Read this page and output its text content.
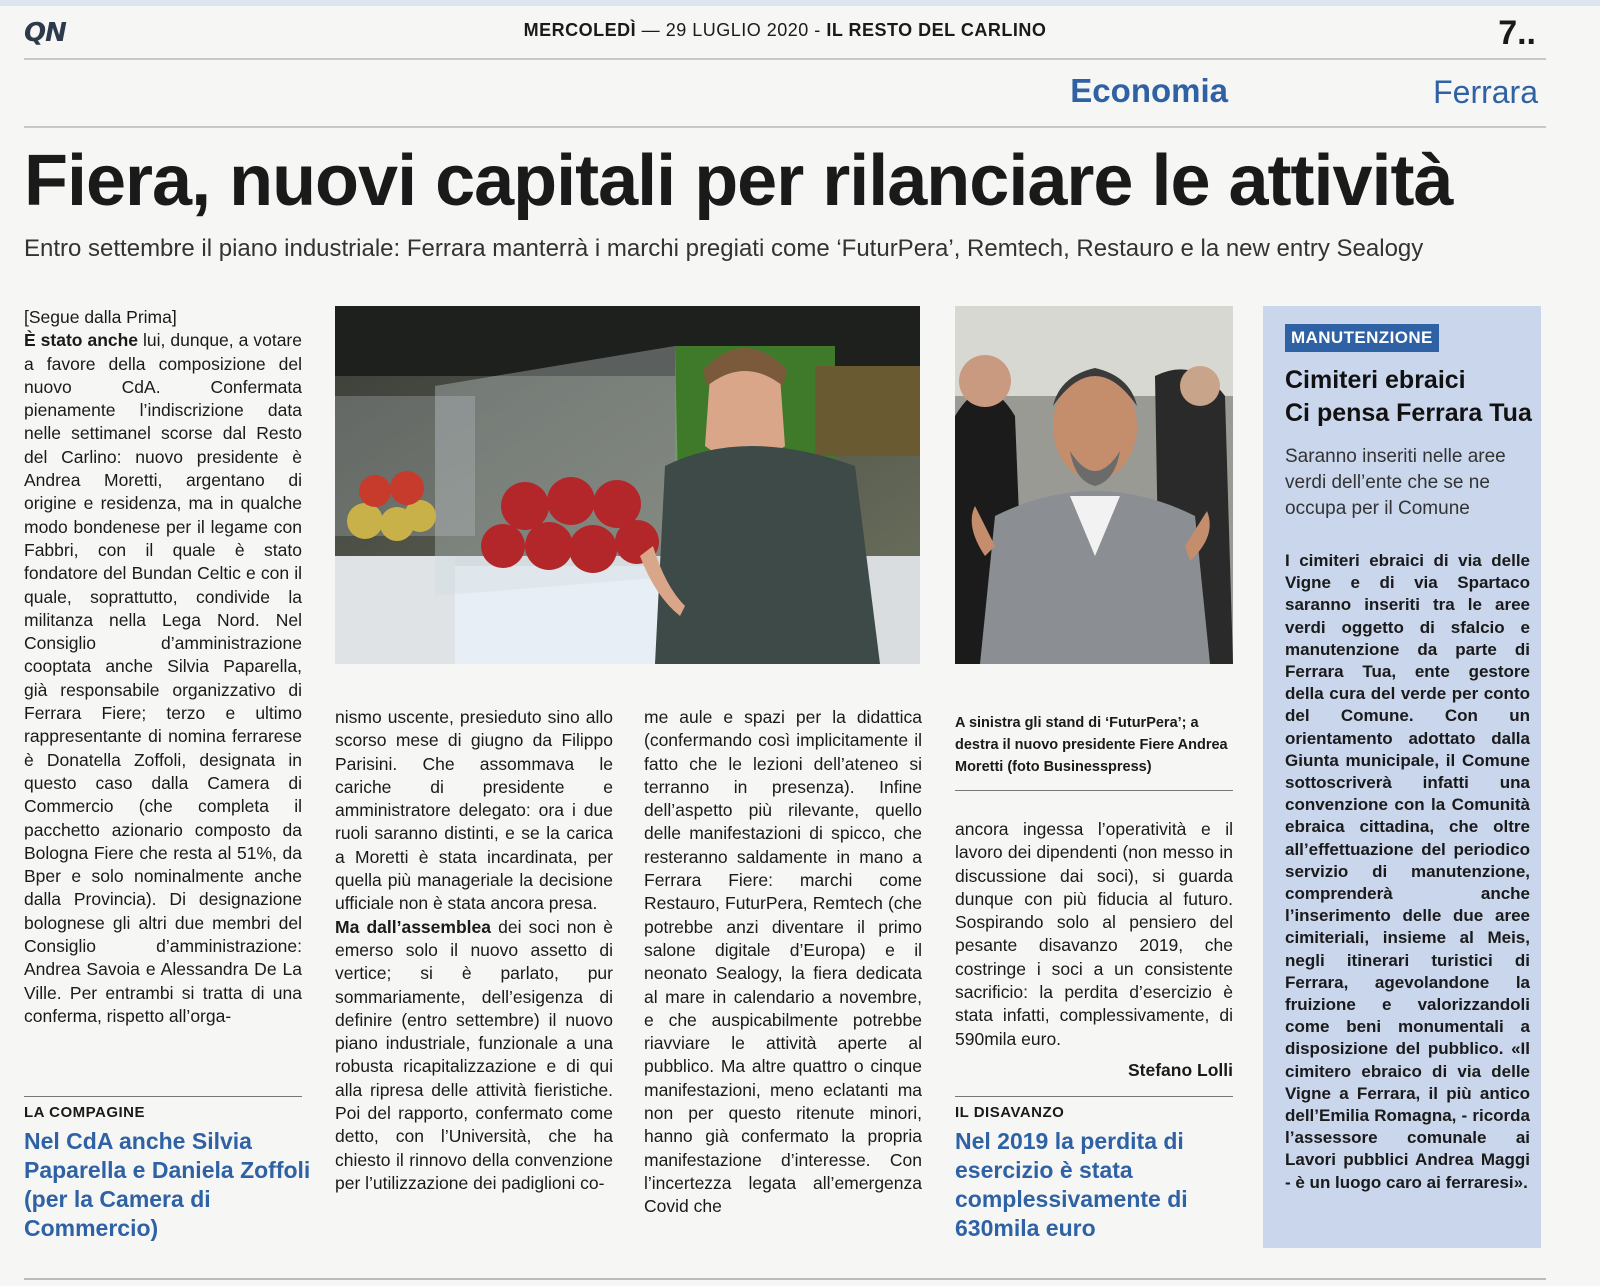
QN	MERCOLEDÌ — 29 LUGLIO 2020 - IL RESTO DEL CARLINO	7..
Economia	Ferrara
Fiera, nuovi capitali per rilanciare le attività
Entro settembre il piano industriale: Ferrara manterrà i marchi pregiati come ‘FuturPera’, Remtech, Restauro e la new entry Sealogy

[Segue dalla Prima]

È stato anche lui, dunque, a votare a favore della composizione del nuovo CdA. Confermata pienamente l’indiscrizione data nelle settimanel scorse dal Resto del Carlino: nuovo presidente è Andrea Moretti, argentano di origine e residenza, ma in qualche modo bondenese per il legame con Fabbri, con il quale è stato fondatore del Bundan Celtic e con il quale, soprattutto, condivide la militanza nella Lega Nord. Nel Consiglio d’amministrazione cooptata anche Silvia Paparella, già responsabile organizzativo di Ferrara Fiere; terzo e ultimo rappresentante di nomina ferrarese è Donatella Zoffoli, designata in questo caso dalla Camera di Commercio (che completa il pacchetto azionario composto da Bologna Fiere che resta al 51%, da Bper e solo nominalmente anche dalla Provincia). Di designazione bolognese gli altri due membri del Consiglio d’amministrazione: Andrea Savoia e Alessandra De La Ville. Per entrambi si tratta di una conferma, rispetto all’orga-

LA COMPAGINE
Nel CdA anche Silvia Paparella e Daniela Zoffoli (per la Camera di Commercio)

nismo uscente, presieduto sino allo scorso mese di giugno da Filippo Parisini. Che assommava le cariche di presidente e amministratore delegato: ora i due ruoli saranno distinti, e se la carica a Moretti è stata incardinata, per quella più manageriale la decisione ufficiale non è stata ancora presa.

Ma dall’assemblea dei soci non è emerso solo il nuovo assetto di vertice; si è parlato, pur sommariamente, dell’esigenza di definire (entro settembre) il nuovo piano industriale, funzionale a una robusta ricapitalizzazione e di qui alla ripresa delle attività fieristiche. Poi del rapporto, confermato come detto, con l’Università, che ha chiesto il rinnovo della convenzione per l’utilizzazione dei padiglioni co-

me aule e spazi per la didattica (confermando così implicitamente il fatto che le lezioni dell’ateneo si terranno in presenza). Infine dell’aspetto più rilevante, quello delle manifestazioni di spicco, che resteranno saldamente in mano a Ferrara Fiere: marchi come Restauro, FuturPera, Remtech (che potrebbe anzi diventare il primo salone digitale d’Europa) e il neonato Sealogy, la fiera dedicata al mare in calendario a novembre, e che auspicabilmente potrebbe riavviare le attività aperte al pubblico. Ma altre quattro o cinque manifestazioni, meno eclatanti ma non per questo ritenute minori, hanno già confermato la propria manifestazione d’interesse. Con l’incertezza legata all’emergenza Covid che

A sinistra gli stand di ‘FuturPera’; a destra il nuovo presidente Fiere Andrea Moretti (foto Businesspress)

ancora ingessa l’operatività e il lavoro dei dipendenti (non messo in discussione dai soci), si guarda dunque con più fiducia al futuro. Sospirando solo al pensiero del pesante disavanzo 2019, che costringe i soci a un consistente sacrificio: la perdita d’esercizio è stata infatti, complessivamente, di 590mila euro.

Stefano Lolli

IL DISAVANZO
Nel 2019 la perdita di esercizio è stata complessivamente di 630mila euro
MANUTENZIONE
Cimiteri ebraici
Ci pensa Ferrara Tua
Saranno inseriti nelle aree verdi dell’ente che se ne occupa per il Comune
I cimiteri ebraici di via delle Vigne e di via Spartaco saranno inseriti tra le aree verdi oggetto di sfalcio e manutenzione da parte di Ferrara Tua, ente gestore della cura del verde per conto del Comune. Con un orientamento adottato dalla Giunta municipale, il Comune sottoscriverà infatti una convenzione con la Comunità ebraica cittadina, che oltre all’effettuazione del periodico servizio di manutenzione, comprenderà anche l’inserimento delle due aree cimiteriali, insieme al Meis, negli itinerari turistici di Ferrara, agevolandone la fruizione e valorizzandoli come beni monumentali a disposizione del pubblico. «Il cimitero ebraico di via delle Vigne a Ferrara, il più antico dell’Emilia Romagna, - ricorda l’assessore comunale ai Lavori pubblici Andrea Maggi - è un luogo caro ai ferraresi».
